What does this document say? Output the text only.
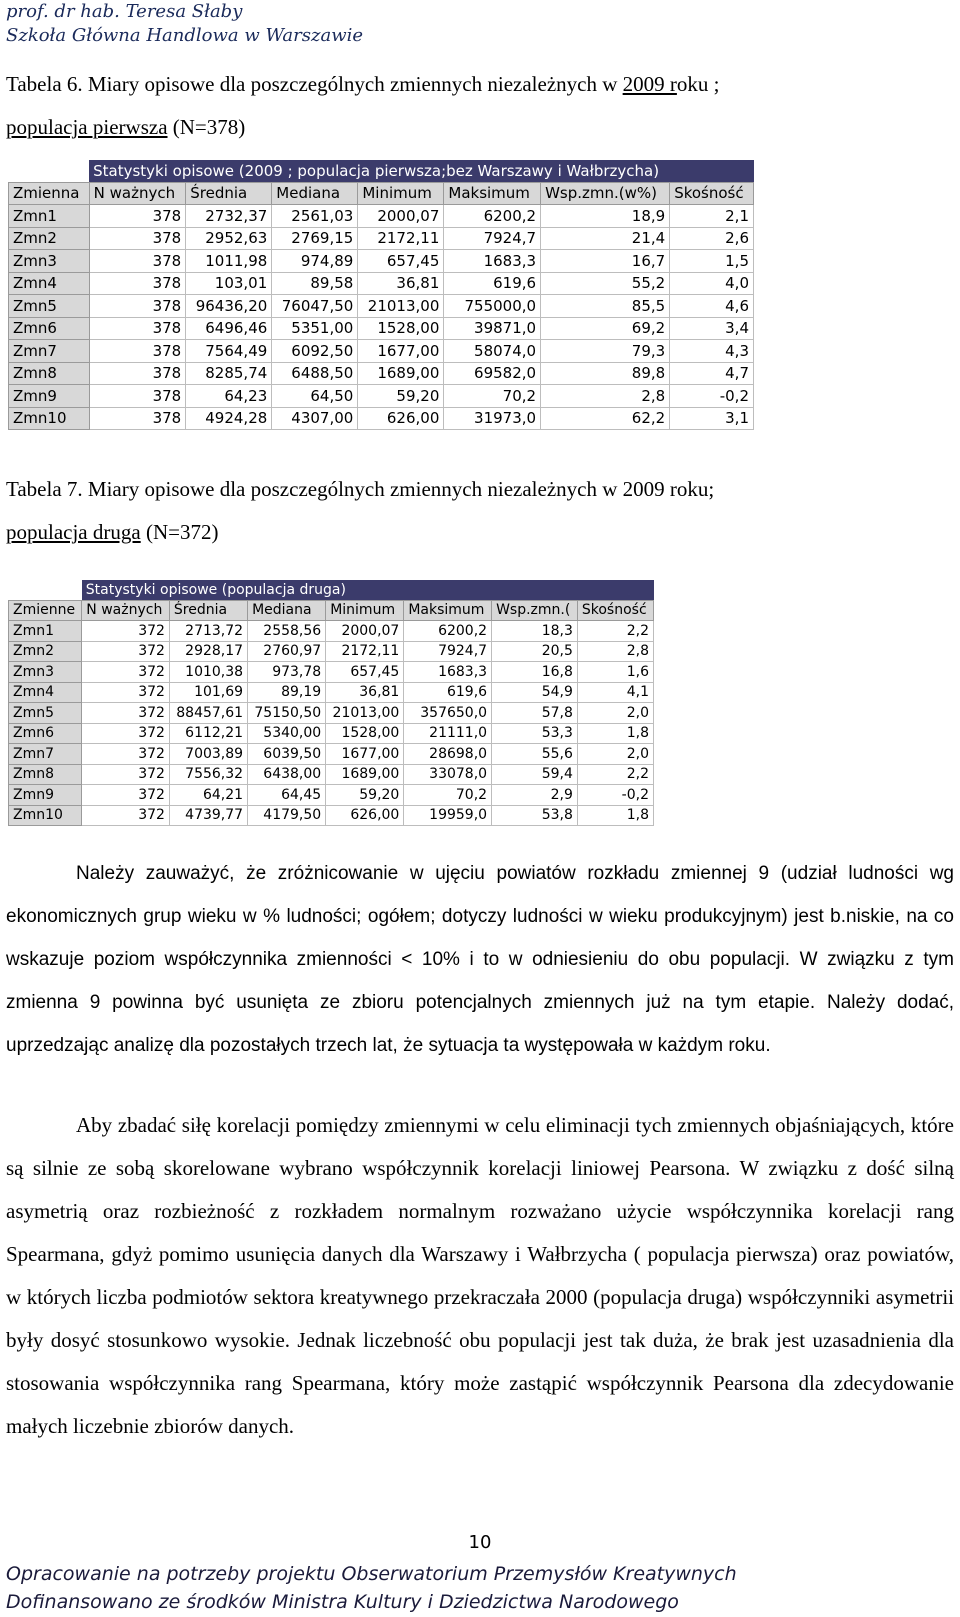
prof. dr hab. Teresa Słaby
Szkoła Główna Handlowa w Warszawie
Tabela 6. Miary opisowe dla poszczególnych zmiennych niezależnych w 2009 roku ;
populacja pierwsza (N=378)
	Statystyki opisowe (2009 ; populacja pierwsza;bez Warszawy i Wałbrzycha)						
Zmienna	N ważnych	Średnia	Mediana	Minimum	Maksimum	Wsp.zmn.(w%)	Skośność
Zmn1	378	2732,37	2561,03	2000,07	6200,2	18,9	2,1
Zmn2	378	2952,63	2769,15	2172,11	7924,7	21,4	2,6
Zmn3	378	1011,98	974,89	657,45	1683,3	16,7	1,5
Zmn4	378	103,01	89,58	36,81	619,6	55,2	4,0
Zmn5	378	96436,20	76047,50	21013,00	755000,0	85,5	4,6
Zmn6	378	6496,46	5351,00	1528,00	39871,0	69,2	3,4
Zmn7	378	7564,49	6092,50	1677,00	58074,0	79,3	4,3
Zmn8	378	8285,74	6488,50	1689,00	69582,0	89,8	4,7
Zmn9	378	64,23	64,50	59,20	70,2	2,8	-0,2
Zmn10	378	4924,28	4307,00	626,00	31973,0	62,2	3,1
Tabela 7. Miary opisowe dla poszczególnych zmiennych niezależnych w 2009 roku;
populacja druga (N=372)
	Statystyki opisowe (populacja druga)						
Zmienne	N ważnych	Średnia	Mediana	Minimum	Maksimum	Wsp.zmn.(	Skośność
Zmn1	372	2713,72	2558,56	2000,07	6200,2	18,3	2,2
Zmn2	372	2928,17	2760,97	2172,11	7924,7	20,5	2,8
Zmn3	372	1010,38	973,78	657,45	1683,3	16,8	1,6
Zmn4	372	101,69	89,19	36,81	619,6	54,9	4,1
Zmn5	372	88457,61	75150,50	21013,00	357650,0	57,8	2,0
Zmn6	372	6112,21	5340,00	1528,00	21111,0	53,3	1,8
Zmn7	372	7003,89	6039,50	1677,00	28698,0	55,6	2,0
Zmn8	372	7556,32	6438,00	1689,00	33078,0	59,4	2,2
Zmn9	372	64,21	64,45	59,20	70,2	2,9	-0,2
Zmn10	372	4739,77	4179,50	626,00	19959,0	53,8	1,8
Należy zauważyć, że zróżnicowanie w ujęciu powiatów rozkładu zmiennej 9 (udział ludności wg ekonomicznych grup wieku w % ludności; ogółem; dotyczy ludności w wieku produkcyjnym) jest b.niskie, na co wskazuje poziom współczynnika zmienności < 10% i to w odniesieniu do obu populacji. W związku z tym zmienna 9 powinna być usunięta ze zbioru potencjalnych zmiennych już na tym etapie. Należy dodać, uprzedzając analizę dla pozostałych trzech lat, że sytuacja ta występowała w każdym roku.
Aby zbadać siłę korelacji pomiędzy zmiennymi w celu eliminacji tych zmiennych objaśniających, które są silnie ze sobą skorelowane wybrano współczynnik korelacji liniowej Pearsona. W związku z dość silną asymetrią oraz rozbieżność z rozkładem normalnym rozważano użycie współczynnika korelacji rang Spearmana, gdyż pomimo usunięcia danych dla Warszawy i Wałbrzycha ( populacja pierwsza) oraz powiatów, w których liczba podmiotów sektora kreatywnego przekraczała 2000 (populacja druga) współczynniki asymetrii były dosyć stosunkowo wysokie. Jednak liczebność obu populacji jest tak duża, że brak jest uzasadnienia dla stosowania współczynnika rang Spearmana, który może zastąpić współczynnik Pearsona dla zdecydowanie małych liczebnie zbiorów danych.
10
Opracowanie na potrzeby projektu Obserwatorium Przemysłów Kreatywnych
Dofinansowano ze środków Ministra Kultury i Dziedzictwa Narodowego
